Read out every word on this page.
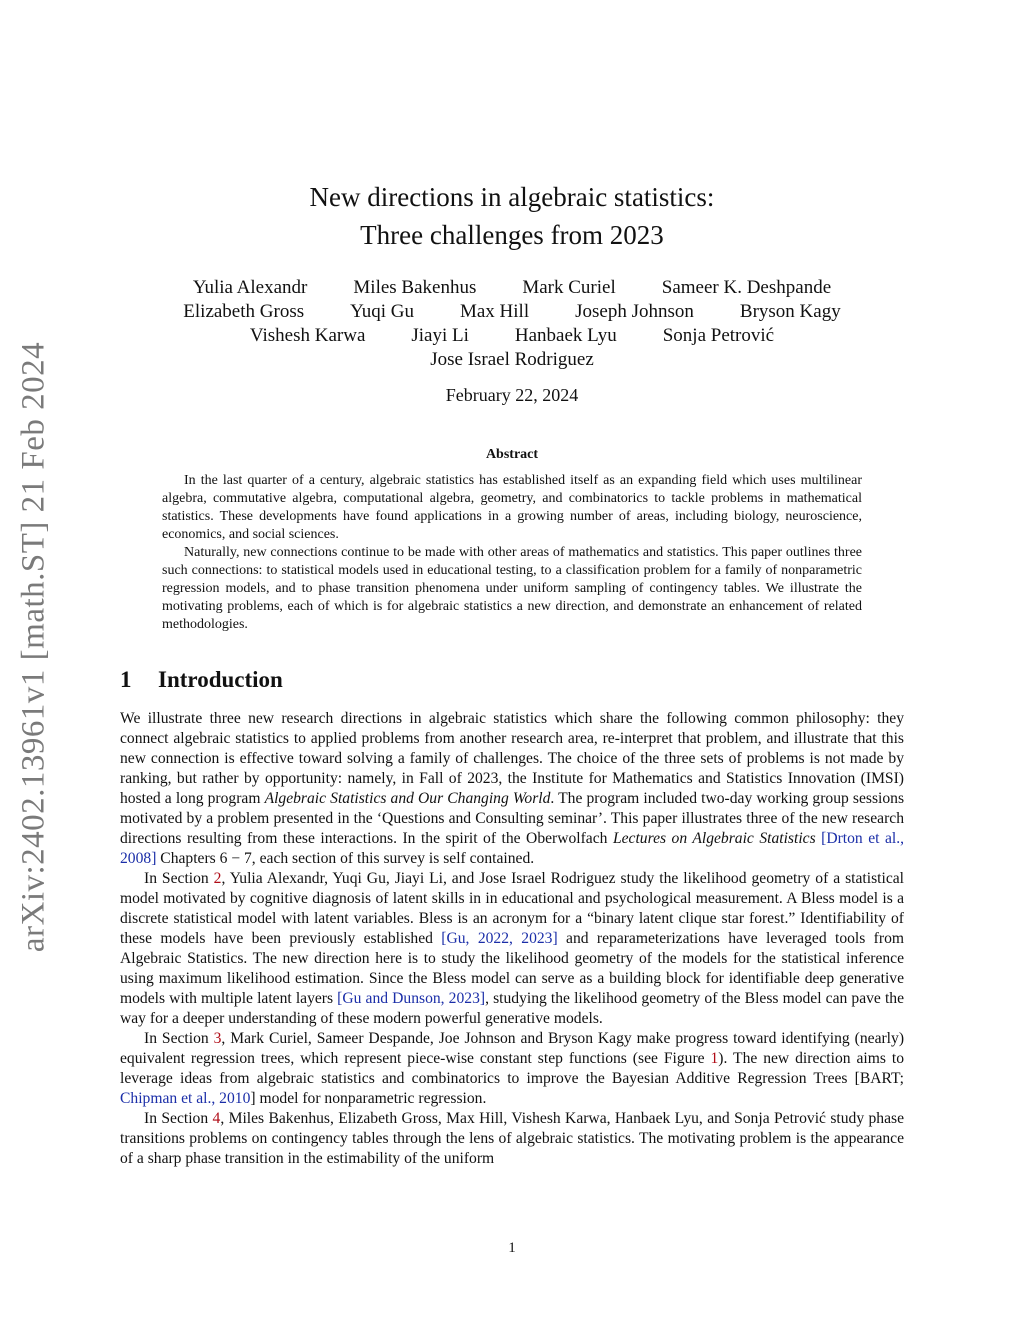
arXiv:2402.13961v1 [math.ST] 21 Feb 2024
New directions in algebraic statistics:
Three challenges from 2023
Yulia Alexandr Miles Bakenhus Mark Curiel Sameer K. Deshpande
Elizabeth Gross Yuqi Gu Max Hill Joseph Johnson Bryson Kagy
Vishesh Karwa Jiayi Li Hanbaek Lyu Sonja Petrović
Jose Israel Rodriguez
February 22, 2024
Abstract

In the last quarter of a century, algebraic statistics has established itself as an expanding field which uses multilinear algebra, commutative algebra, computational algebra, geometry, and combinatorics to tackle problems in mathematical statistics. These developments have found applications in a growing number of areas, including biology, neuroscience, economics, and social sciences.

Naturally, new connections continue to be made with other areas of mathematics and statistics. This paper outlines three such connections: to statistical models used in educational testing, to a classification problem for a family of nonparametric regression models, and to phase transition phenomena under uniform sampling of contingency tables. We illustrate the motivating problems, each of which is for algebraic statistics a new direction, and demonstrate an enhancement of related methodologies.

1 Introduction

We illustrate three new research directions in algebraic statistics which share the following common philosophy: they connect algebraic statistics to applied problems from another research area, re-interpret that problem, and illustrate that this new connection is effective toward solving a family of challenges. The choice of the three sets of problems is not made by ranking, but rather by opportunity: namely, in Fall of 2023, the Institute for Mathematics and Statistics Innovation (IMSI) hosted a long program Algebraic Statistics and Our Changing World. The program included two-day working group sessions motivated by a problem presented in the ‘Questions and Consulting seminar’. This paper illustrates three of the new research directions resulting from these interactions. In the spirit of the Oberwolfach Lectures on Algebraic Statistics [Drton et al., 2008] Chapters 6 − 7, each section of this survey is self contained.

In Section 2, Yulia Alexandr, Yuqi Gu, Jiayi Li, and Jose Israel Rodriguez study the likelihood geometry of a statistical model motivated by cognitive diagnosis of latent skills in in educational and psychological measurement. A Bless model is a discrete statistical model with latent variables. Bless is an acronym for a “binary latent clique star forest.” Identifiability of these models have been previously established [Gu, 2022, 2023] and reparameterizations have leveraged tools from Algebraic Statistics. The new direction here is to study the likelihood geometry of the models for the statistical inference using maximum likelihood estimation. Since the Bless model can serve as a building block for identifiable deep generative models with multiple latent layers [Gu and Dunson, 2023], studying the likelihood geometry of the Bless model can pave the way for a deeper understanding of these modern powerful generative models.

In Section 3, Mark Curiel, Sameer Despande, Joe Johnson and Bryson Kagy make progress toward identifying (nearly) equivalent regression trees, which represent piece-wise constant step functions (see Figure 1). The new direction aims to leverage ideas from algebraic statistics and combinatorics to improve the Bayesian Additive Regression Trees [BART; Chipman et al., 2010] model for nonparametric regression.

In Section 4, Miles Bakenhus, Elizabeth Gross, Max Hill, Vishesh Karwa, Hanbaek Lyu, and Sonja Petrović study phase transitions problems on contingency tables through the lens of algebraic statistics. The motivating problem is the appearance of a sharp phase transition in the estimability of the uniform

1
